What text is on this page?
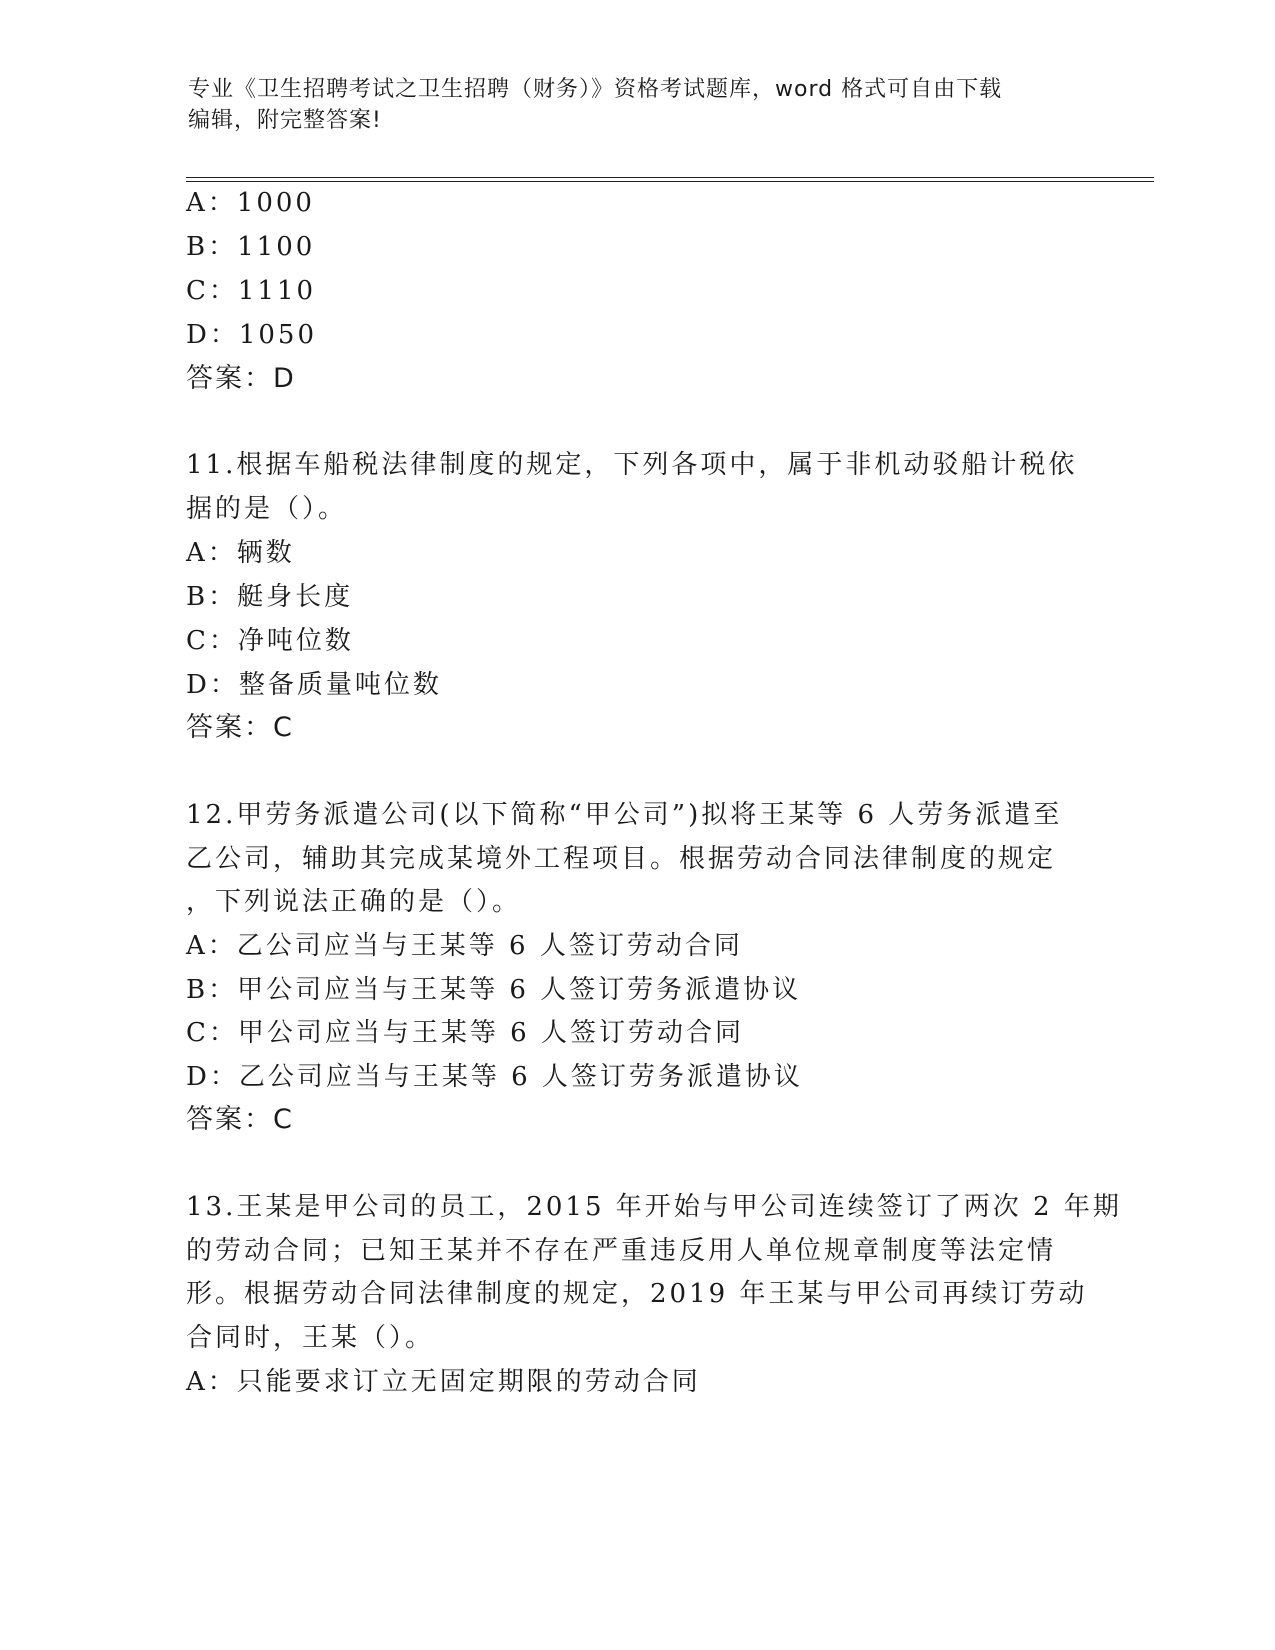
专业《卫生招聘考试之卫生招聘（财务）》资格考试题库，word 格式可自由下载
编辑，附完整答案!
A：1000
B：1100
C：1110
D：1050
答案：D
11.根据车船税法律制度的规定，下列各项中，属于非机动驳船计税依
据的是（）。
A：辆数
B：艇身长度
C：净吨位数
D：整备质量吨位数
答案：C
12.甲劳务派遣公司(以下简称“甲公司”)拟将王某等 6 人劳务派遣至
乙公司，辅助其完成某境外工程项目。根据劳动合同法律制度的规定
，下列说法正确的是（）。
A：乙公司应当与王某等 6 人签订劳动合同
B：甲公司应当与王某等 6 人签订劳务派遣协议
C：甲公司应当与王某等 6 人签订劳动合同
D：乙公司应当与王某等 6 人签订劳务派遣协议
答案：C
13.王某是甲公司的员工，2015 年开始与甲公司连续签订了两次 2 年期
的劳动合同；已知王某并不存在严重违反用人单位规章制度等法定情
形。根据劳动合同法律制度的规定，2019 年王某与甲公司再续订劳动
合同时，王某（）。
A：只能要求订立无固定期限的劳动合同
